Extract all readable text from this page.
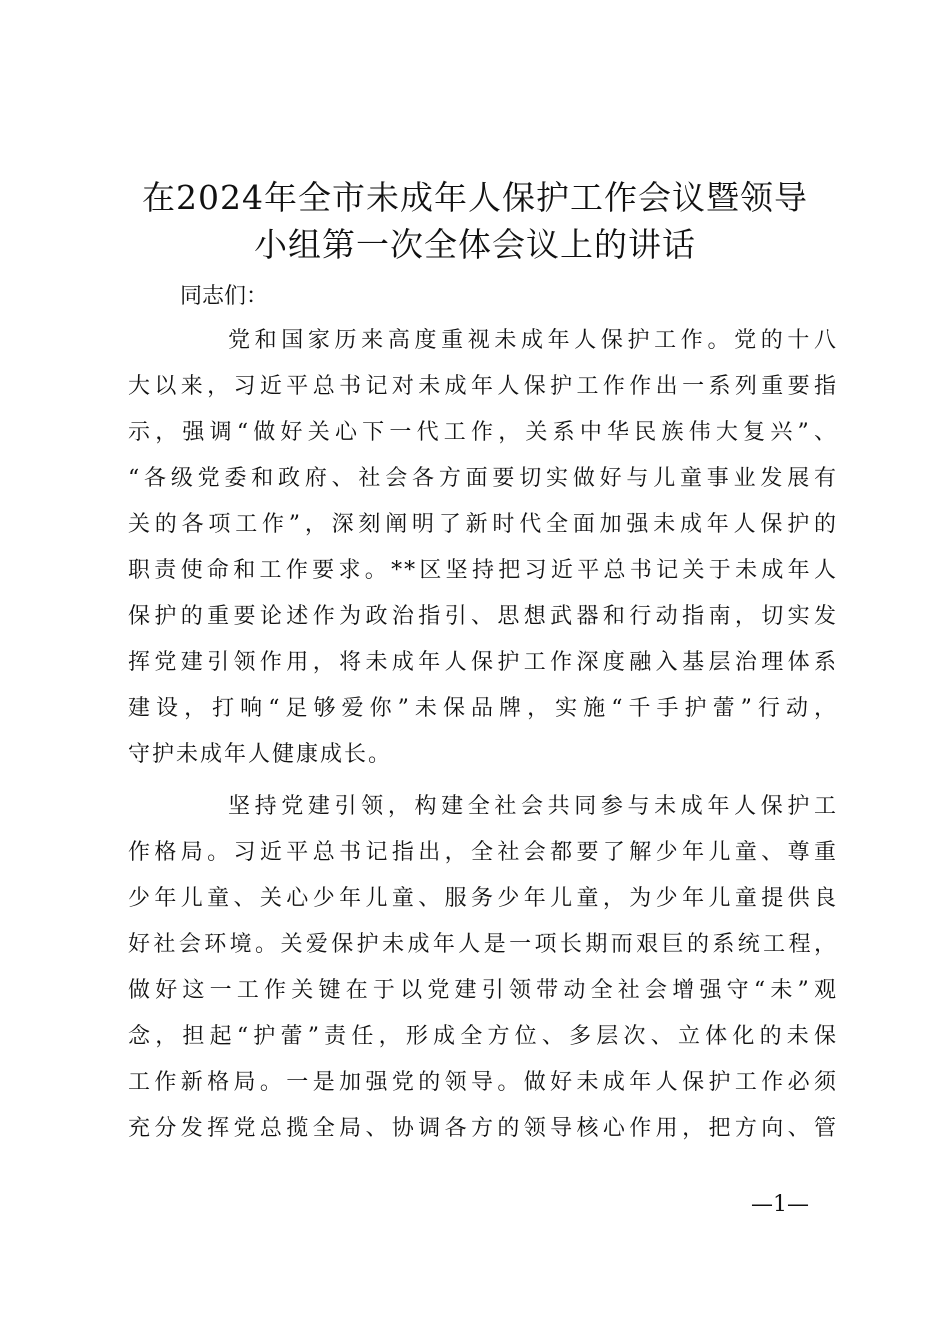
在2024年全市未成年人保护工作会议暨领导
小组第一次全体会议上的讲话
同志们：
党和国家历来高度重视未成年人保护工作。党的十八
大以来，习近平总书记对未成年人保护工作作出一系列重要指
示，强调“做好关心下一代工作，关系中华民族伟大复兴”、
“各级党委和政府、社会各方面要切实做好与儿童事业发展有
关的各项工作”，深刻阐明了新时代全面加强未成年人保护的
职责使命和工作要求。**区坚持把习近平总书记关于未成年人
保护的重要论述作为政治指引、思想武器和行动指南，切实发
挥党建引领作用，将未成年人保护工作深度融入基层治理体系
建设，打响“足够爱你”未保品牌，实施“千手护蕾”行动，
守护未成年人健康成长。
坚持党建引领，构建全社会共同参与未成年人保护工
作格局。习近平总书记指出，全社会都要了解少年儿童、尊重
少年儿童、关心少年儿童、服务少年儿童，为少年儿童提供良
好社会环境。关爱保护未成年人是一项长期而艰巨的系统工程，
做好这一工作关键在于以党建引领带动全社会增强守“未”观
念，担起“护蕾”责任，形成全方位、多层次、立体化的未保
工作新格局。一是加强党的领导。做好未成年人保护工作必须
充分发挥党总揽全局、协调各方的领导核心作用，把方向、管
—1—
